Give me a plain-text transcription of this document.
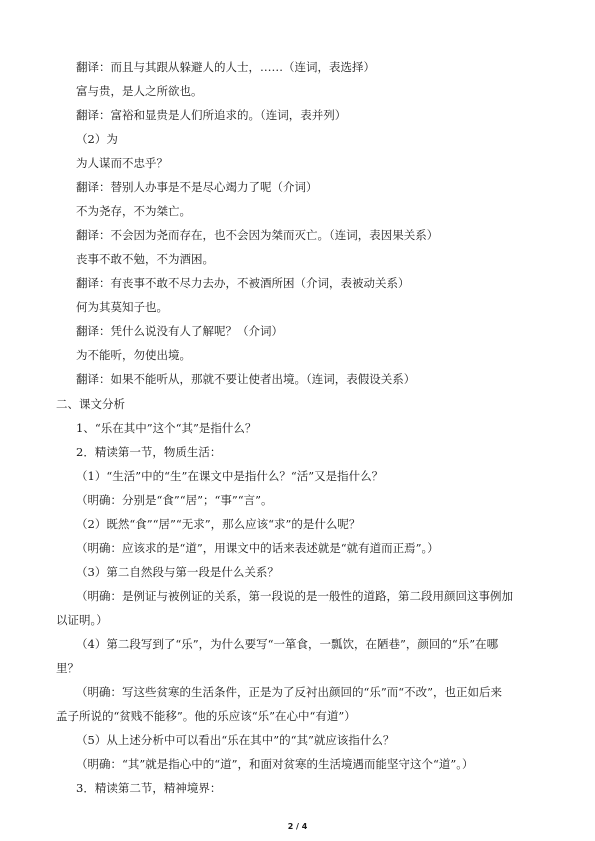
翻译：而且与其跟从躲避人的人士，……（连词，表选择）
富与贵，是人之所欲也。
翻译：富裕和显贵是人们所追求的。（连词，表并列）
（2）为
为人谋而不忠乎？
翻译：替别人办事是不是尽心竭力了呢（介词）
不为尧存，不为桀亡。
翻译：不会因为尧而存在，也不会因为桀而灭亡。（连词，表因果关系）
丧事不敢不勉，不为酒困。
翻译：有丧事不敢不尽力去办，不被酒所困（介词，表被动关系）
何为其莫知子也。
翻译：凭什么说没有人了解呢？（介词）
为不能听，勿使出境。
翻译：如果不能听从，那就不要让使者出境。（连词，表假设关系）
二、课文分析
1、“乐在其中”这个“其”是指什么？
2．精读第一节，物质生活：
（1）“生活”中的“生”在课文中是指什么？“活”又是指什么？
（明确：分别是“食”“居”；“事”“言”。
（2）既然“食”“居”“无求”，那么应该“求”的是什么呢？
（明确：应该求的是“道”，用课文中的话来表述就是“就有道而正焉”。）
（3）第二自然段与第一段是什么关系？
（明确：是例证与被例证的关系，第一段说的是一般性的道路，第二段用颜回这事例加
以证明。）
（4）第二段写到了“乐”，为什么要写“一箪食，一瓢饮，在陋巷”，颜回的“乐”在哪
里？
（明确：写这些贫寒的生活条件，正是为了反衬出颜回的“乐”而“不改”，也正如后来
孟子所说的“贫贱不能移”。他的乐应该“乐”在心中“有道”）
（5）从上述分析中可以看出“乐在其中”的“其”就应该指什么？
（明确：“其”就是指心中的“道”，和面对贫寒的生活境遇而能坚守这个“道”。）
3．精读第二节，精神境界：
2 / 4
